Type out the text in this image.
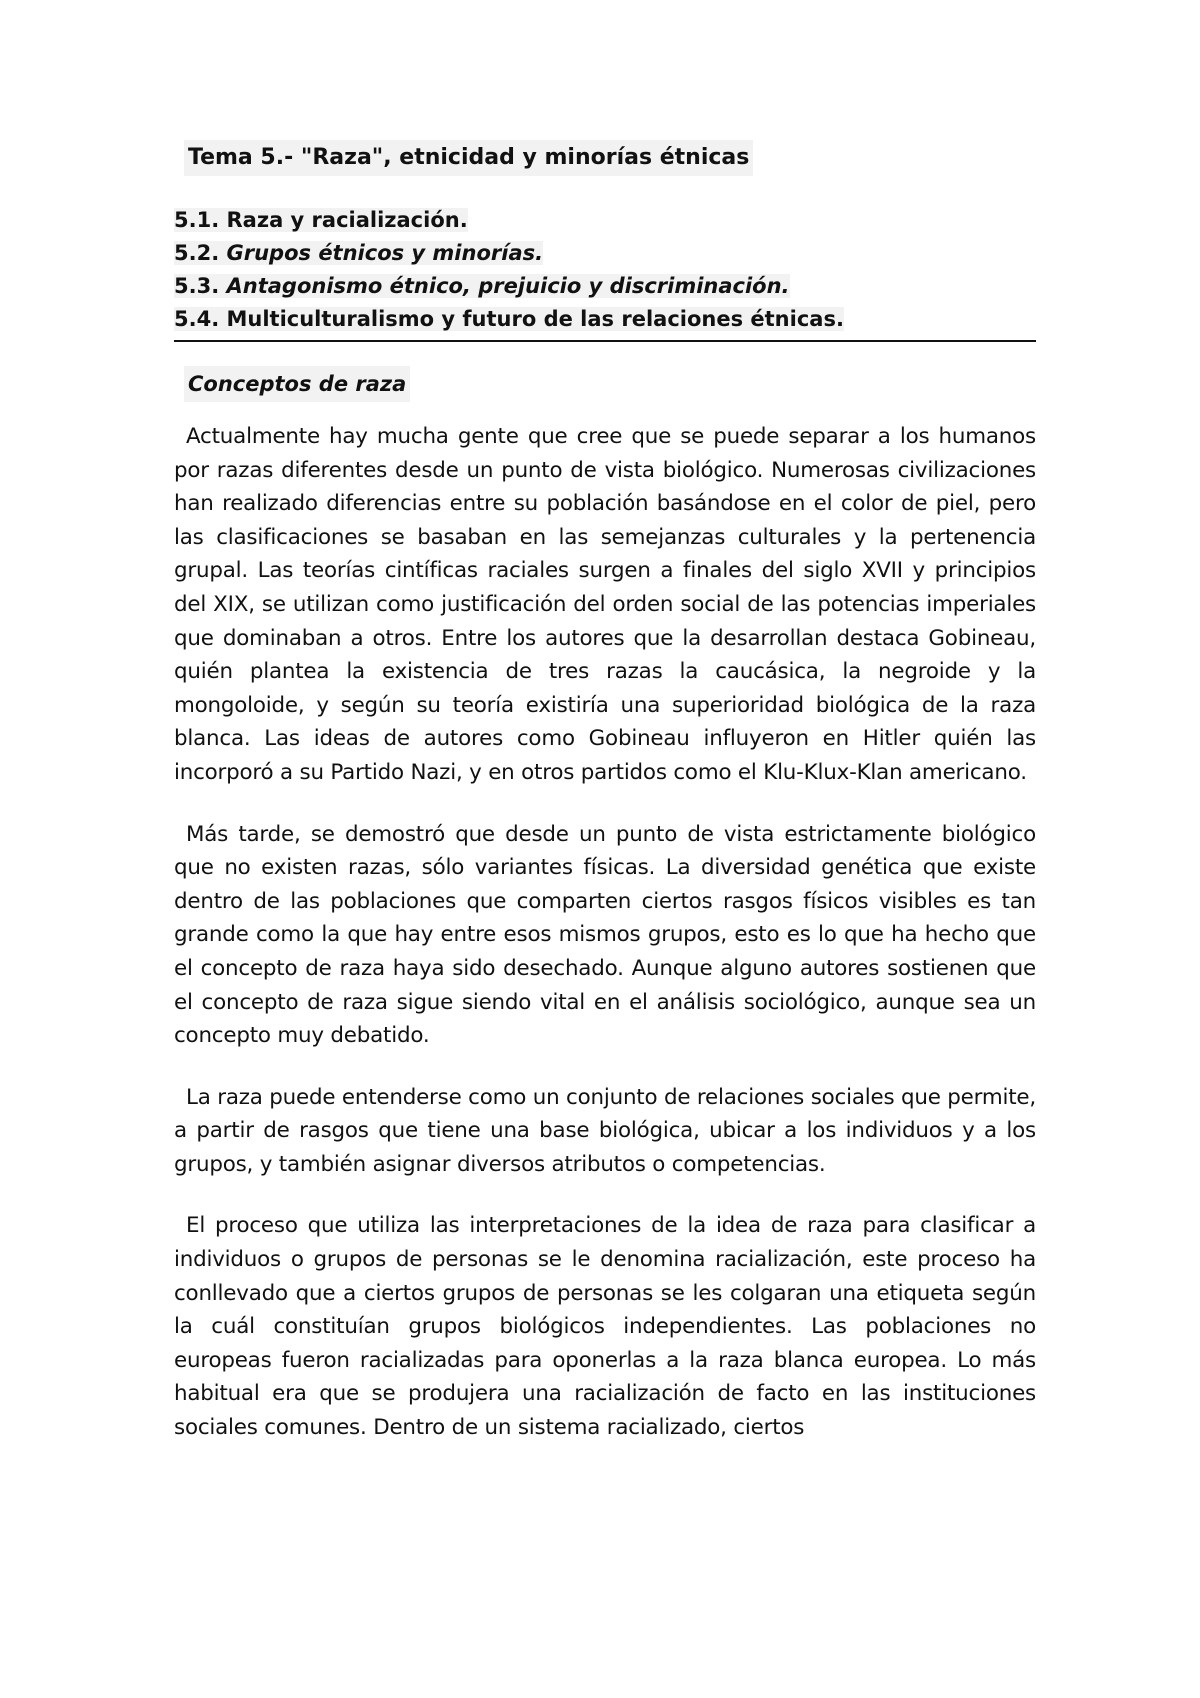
Tema 5.- "Raza", etnicidad y minorías étnicas
5.1. Raza y racialización.
5.2. Grupos étnicos y minorías.
5.3. Antagonismo étnico, prejuicio y discriminación.
5.4. Multiculturalismo y futuro de las relaciones étnicas.
Conceptos de raza

Actualmente hay mucha gente que cree que se puede separar a los humanos por razas diferentes desde un punto de vista biológico. Numerosas civilizaciones han realizado diferencias entre su población basándose en el color de piel, pero las clasificaciones se basaban en las semejanzas culturales y la pertenencia grupal. Las teorías cintíficas raciales surgen a finales del siglo XVII y principios del XIX, se utilizan como justificación del orden social de las potencias imperiales que dominaban a otros. Entre los autores que la desarrollan destaca Gobineau, quién plantea la existencia de tres razas la caucásica, la negroide y la mongoloide, y según su teoría existiría una superioridad biológica de la raza blanca. Las ideas de autores como Gobineau influyeron en Hitler quién las incorporó a su Partido Nazi, y en otros partidos como el Klu-Klux-Klan americano.

Más tarde, se demostró que desde un punto de vista estrictamente biológico que no existen razas, sólo variantes físicas. La diversidad genética que existe dentro de las poblaciones que comparten ciertos rasgos físicos visibles es tan grande como la que hay entre esos mismos grupos, esto es lo que ha hecho que el concepto de raza haya sido desechado. Aunque alguno autores sostienen que el concepto de raza sigue siendo vital en el análisis sociológico, aunque sea un concepto muy debatido.

La raza puede entenderse como un conjunto de relaciones sociales que permite, a partir de rasgos que tiene una base biológica, ubicar a los individuos y a los grupos, y también asignar diversos atributos o competencias.

El proceso que utiliza las interpretaciones de la idea de raza para clasificar a individuos o grupos de personas se le denomina racialización, este proceso ha conllevado que a ciertos grupos de personas se les colgaran una etiqueta según la cuál constituían grupos biológicos independientes. Las poblaciones no europeas fueron racializadas para oponerlas a la raza blanca europea. Lo más habitual era que se produjera una racialización de facto en las instituciones sociales comunes. Dentro de un sistema racializado, ciertos
